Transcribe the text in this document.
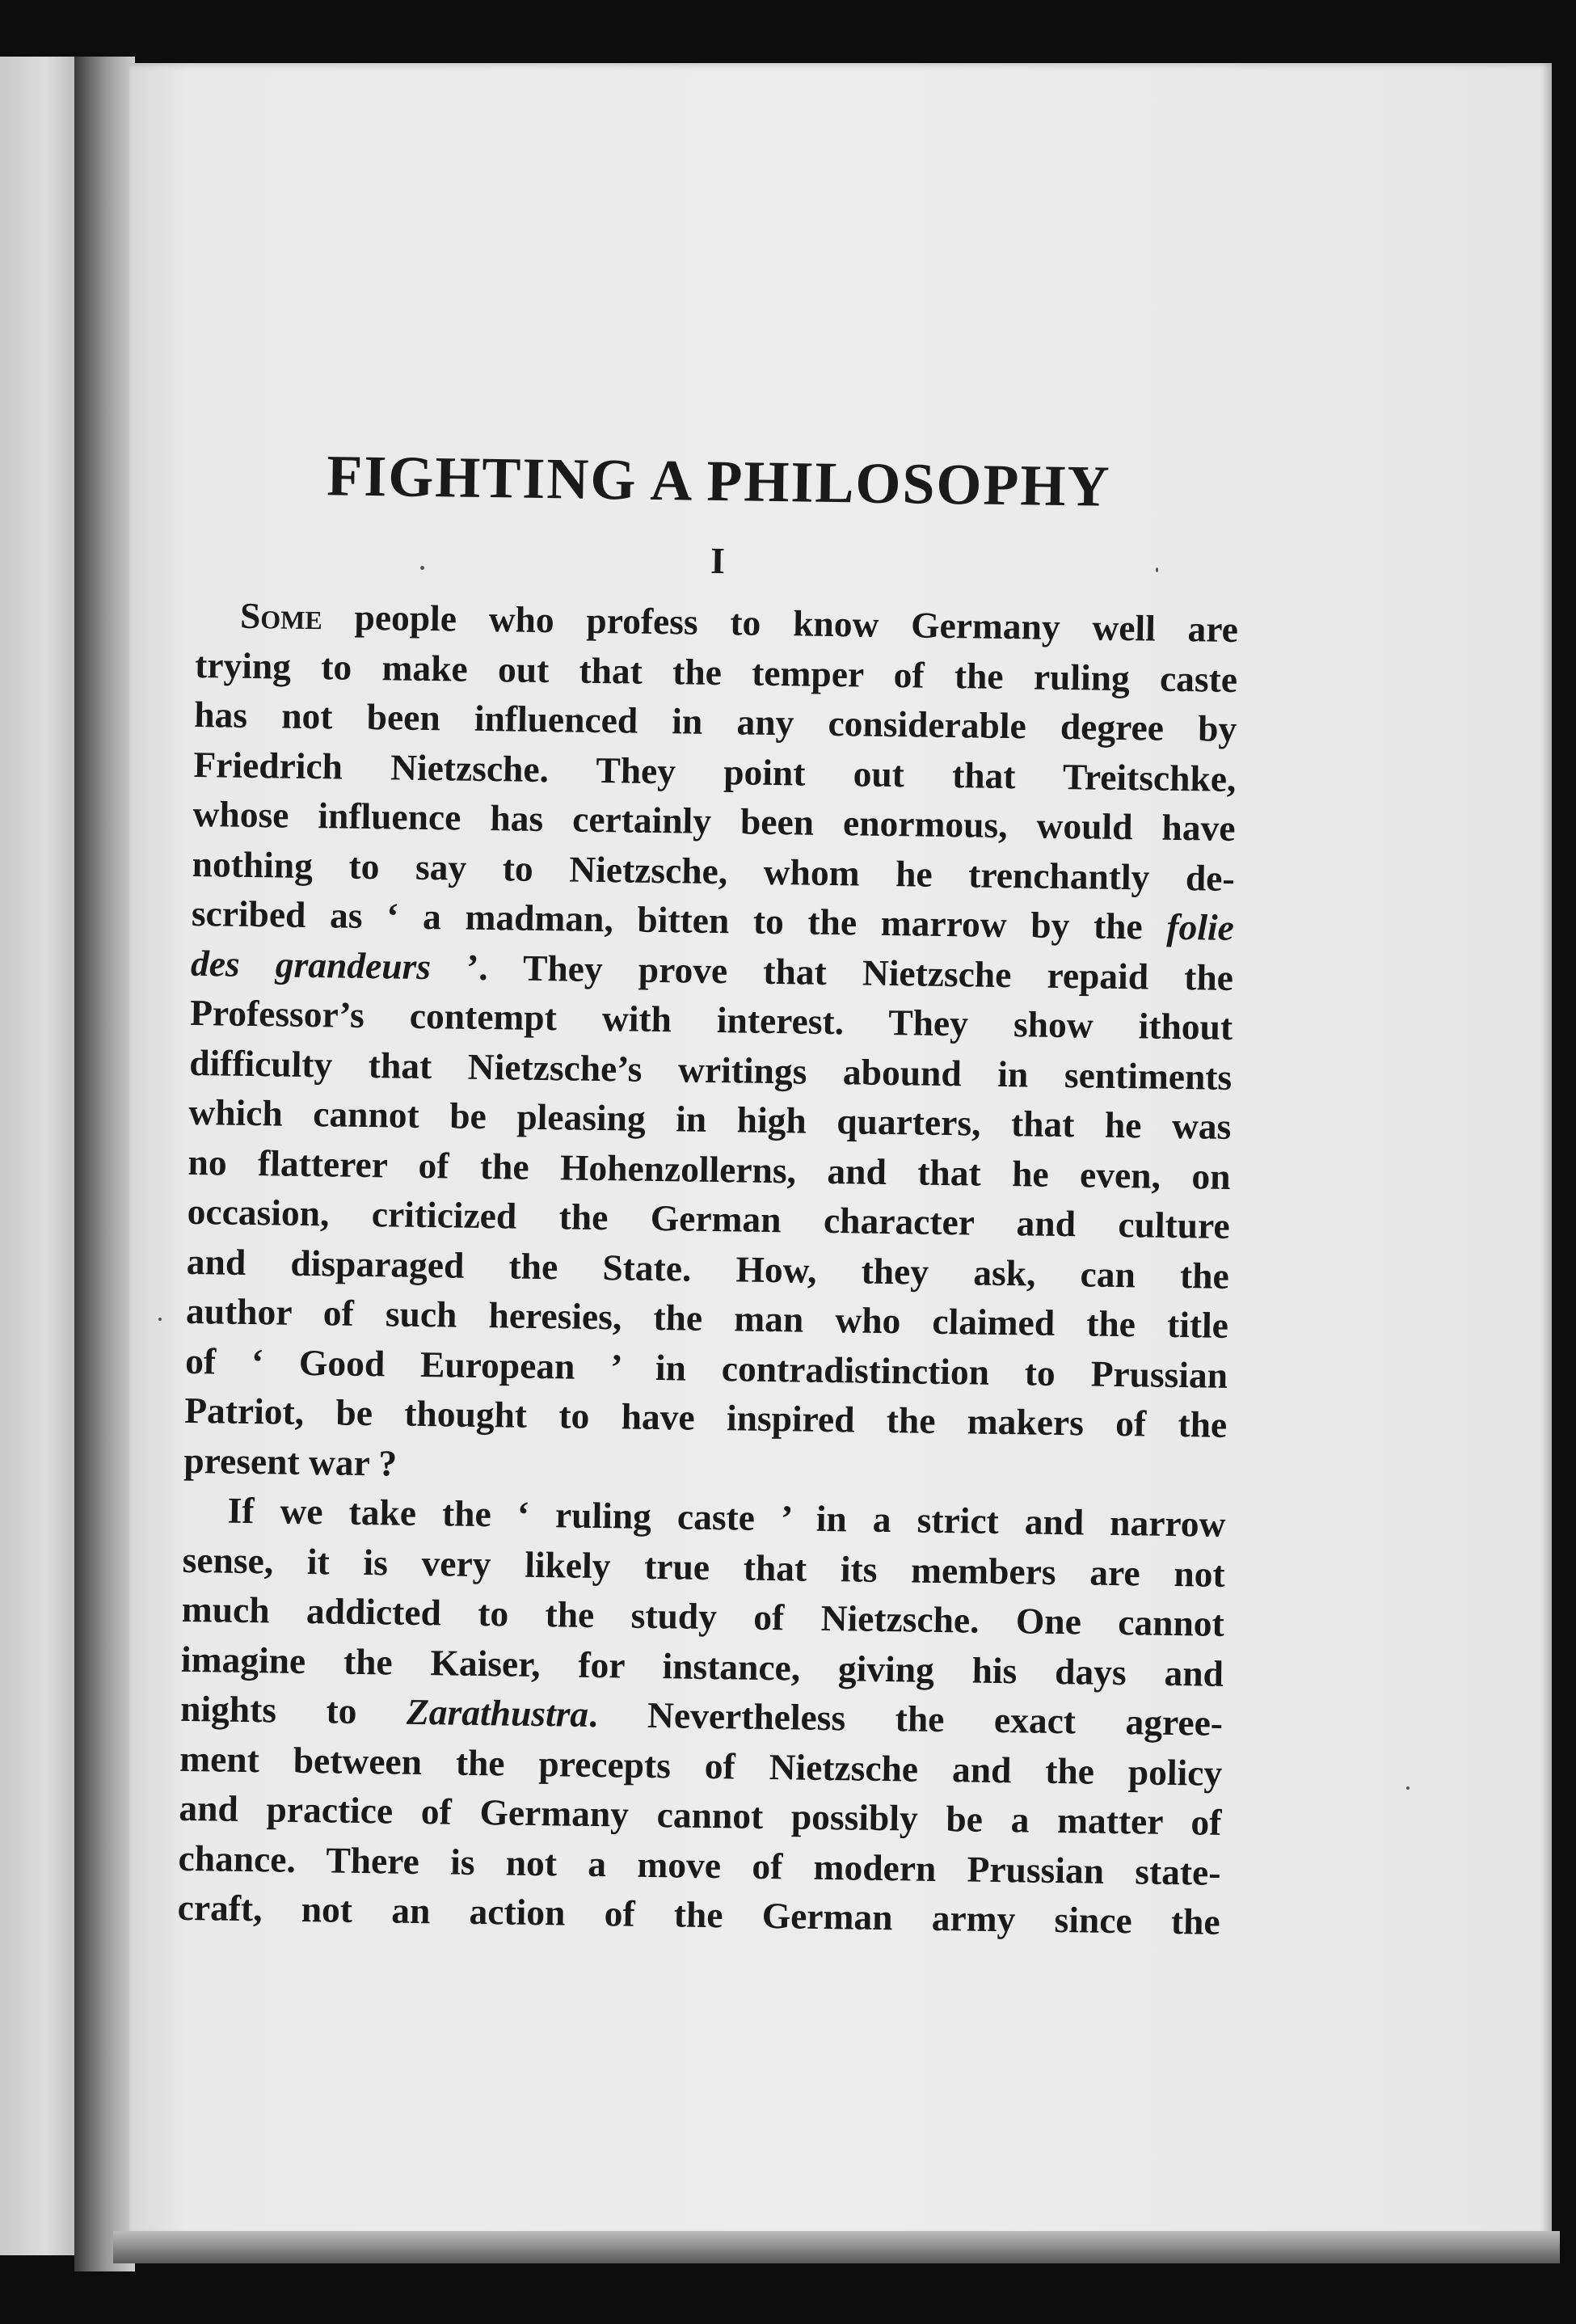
FIGHTING A PHILOSOPHY
I
Some people who profess to know Germany well are
trying to make out that the temper of the ruling caste
has not been influenced in any considerable degree by
Friedrich Nietzsche. They point out that Treitschke,
whose influence has certainly been enormous, would have
nothing to say to Nietzsche, whom he trenchantly de-
scribed as ‘ a madman, bitten to the marrow by the folie
des grandeurs ’. They prove that Nietzsche repaid the
Professor’s contempt with interest. They show ithout
difficulty that Nietzsche’s writings abound in sentiments
which cannot be pleasing in high quarters, that he was
no flatterer of the Hohenzollerns, and that he even, on
occasion, criticized the German character and culture
and disparaged the State. How, they ask, can the
author of such heresies, the man who claimed the title
of ‘ Good European ’ in contradistinction to Prussian
Patriot, be thought to have inspired the makers of the
present war ?
If we take the ‘ ruling caste ’ in a strict and narrow
sense, it is very likely true that its members are not
much addicted to the study of Nietzsche. One cannot
imagine the Kaiser, for instance, giving his days and
nights to Zarathustra. Nevertheless the exact agree-
ment between the precepts of Nietzsche and the policy
and practice of Germany cannot possibly be a matter of
chance. There is not a move of modern Prussian state-
craft, not an action of the German army since the
